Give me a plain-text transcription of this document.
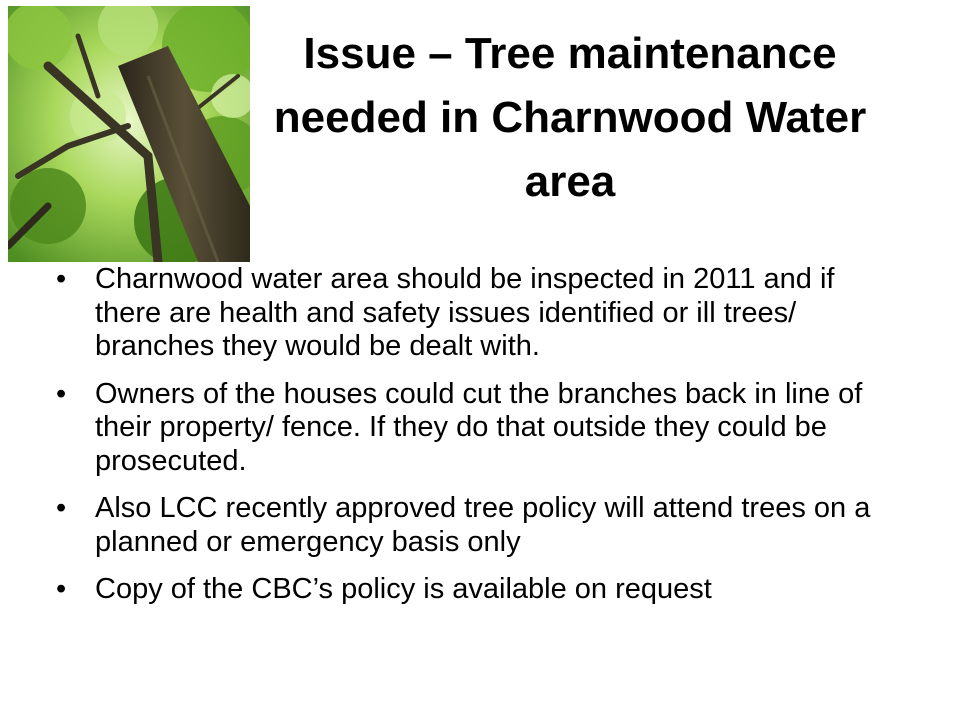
Issue – Tree maintenance needed in Charnwood Water area
• Charnwood water area should be inspected in 2011 and if there are health and safety issues identified or ill trees/ branches they would be dealt with.
• Owners of the houses could cut the branches back in line of their property/ fence. If they do that outside they could be prosecuted.
• Also LCC recently approved tree policy will attend trees on a planned or emergency basis only
• Copy of the CBC’s policy is available on request
